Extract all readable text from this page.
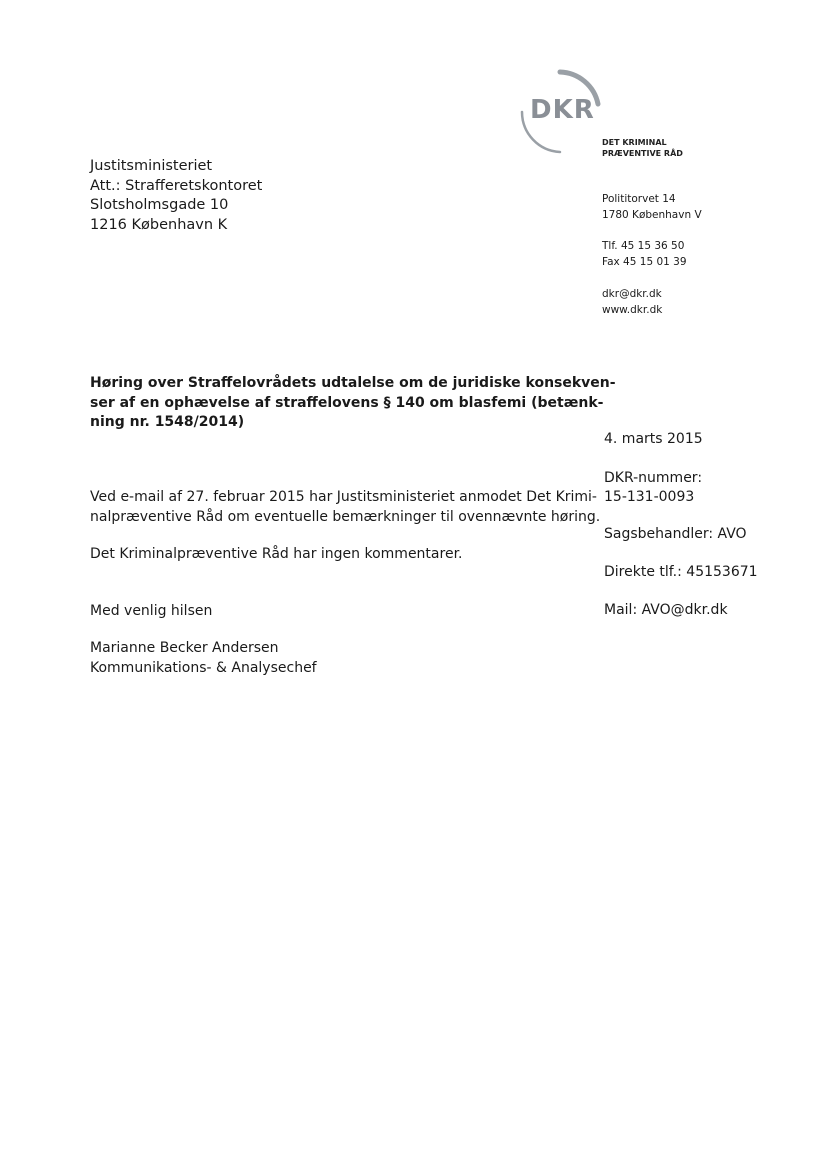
DKR
DET KRIMINAL
PRÆVENTIVE RÅD
Justitsministeriet
Att.: Strafferetskontoret
Slotsholmsgade 10
1216 København K
Polititorvet 14
1780 København V
Tlf. 45 15 36 50
Fax 45 15 01 39
dkr@dkr.dk
www.dkr.dk
Høring over Straffelovrådets udtalelse om de juridiske konsekven-
ser af en ophævelse af straffelovens § 140 om blasfemi (betænk-
ning nr. 1548/2014)
4. marts 2015
DKR-nummer:
15-131-0093
Sagsbehandler: AVO
Direkte tlf.: 45153671
Mail: AVO@dkr.dk
Ved e-mail af 27. februar 2015 har Justitsministeriet anmodet Det Krimi-
nalpræventive Råd om eventuelle bemærkninger til ovennævnte høring.
Det Kriminalpræventive Råd har ingen kommentarer.
Med venlig hilsen
Marianne Becker Andersen
Kommunikations- & Analysechef
